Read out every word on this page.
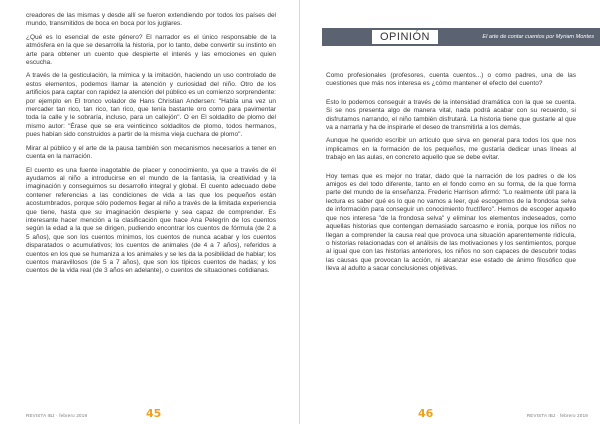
creadores de las mismas y desde allí se fueron extendiendo por todos los países del mundo, transmitidos de boca en boca por los juglares.

¿Qué es lo esencial de este género? El narrador es el único responsable de la atmósfera en la que se desarrolla la historia, por lo tanto, debe convertir su instinto en arte para obtener un cuento que despierte el interés y las emociones en quien escucha.

A través de la gesticulación, la mímica y la imitación, haciendo un uso controlado de estos elementos, podemos llamar la atención y curiosidad del niño. Otro de los artificios para captar con rapidez la atención del público es un comienzo sorprendente: por ejemplo en El tronco volador de Hans Christian Andersen: "Había una vez un mercader tan rico, tan rico, tan rico, que tenía bastante oro como para pavimentar toda la calle y le sobraría, incluso, para un callejón". O en El soldadito de plomo del mismo autor: "Érase que se era veinticinco soldaditos de plomo, todos hermanos, pues habían sido construidos a partir de la misma vieja cuchara de plomo".

Mirar al público y el arte de la pausa también son mecanismos necesarios a tener en cuenta en la narración.

El cuento es una fuente inagotable de placer y conocimiento, ya que a través de él ayudamos al niño a introducirse en el mundo de la fantasía, la creatividad y la imaginación y conseguimos su desarrollo integral y global. El cuento adecuado debe contener referencias a las condiciones de vida a las que los pequeños están acostumbrados, porque sólo podemos llegar al niño a través de la limitada experiencia que tiene, hasta que su imaginación despierte y sea capaz de comprender. Es interesante hacer mención a la clasificación que hace Ana Pelegrín de los cuentos según la edad a la que se dirigen, pudiendo encontrar los cuentos de fórmula (de 2 a 5 años), que son los cuentos mínimos, los cuentos de nunca acabar y los cuentos disparatados o acumulativos; los cuentos de animales (de 4 a 7 años), referidos a cuentos en los que se humaniza a los animales y se les da la posibilidad de hablar; los cuentos maravillosos (de 5 a 7 años), que son los típicos cuentos de hadas; y los cuentos de la vida real (de 3 años en adelante), o cuentos de situaciones cotidianas.

REVISTA IBJ · febrero 2019	45
OPINIÓN	El arte de contar cuentos por Myriam Montes

Como profesionales (profesores, cuenta cuentos...) o como padres, una de las cuestiones que más nos interesa es ¿cómo mantener el efecto del cuento?

Esto lo podemos conseguir a través de la intensidad dramática con la que se cuenta. Si se nos presenta algo de manera vital, nada podrá acabar con su recuerdo, si disfrutamos narrando, el niño también disfrutará. La historia tiene que gustarle al que va a narrarla y ha de inspirarle el deseo de transmitirla a los demás.

Aunque he querido escribir un artículo que sirva en general para todos los que nos implicamos en la formación de los pequeños, me gustaría dedicar unas líneas al trabajo en las aulas, en concreto aquello que se debe evitar.

Hoy temas que es mejor no tratar, dado que la narración de los padres o de los amigos es del todo diferente, tanto en el fondo como en su forma, de la que forma parte del mundo de la enseñanza. Frederic Harrison afirmó: "Lo realmente útil para la lectura es saber qué es lo que no vamos a leer, qué escogemos de la frondosa selva de información para conseguir un conocimiento fructífero". Hemos de escoger aquello que nos interesa "de la frondosa selva" y eliminar los elementos indeseados, como aquellas historias que contengan demasiado sarcasmo e ironía, porque los niños no llegan a comprender la causa real que provoca una situación aparentemente ridícula, o historias relacionadas con el análisis de las motivaciones y los sentimientos, porque al igual que con las historias anteriores, los niños no son capaces de descubrir todas las causas que provocan la acción, ni alcanzar ese estado de ánimo filosófico que lleva al adulto a sacar conclusiones objetivas.

46	REVISTA IBJ · febrero 2019
